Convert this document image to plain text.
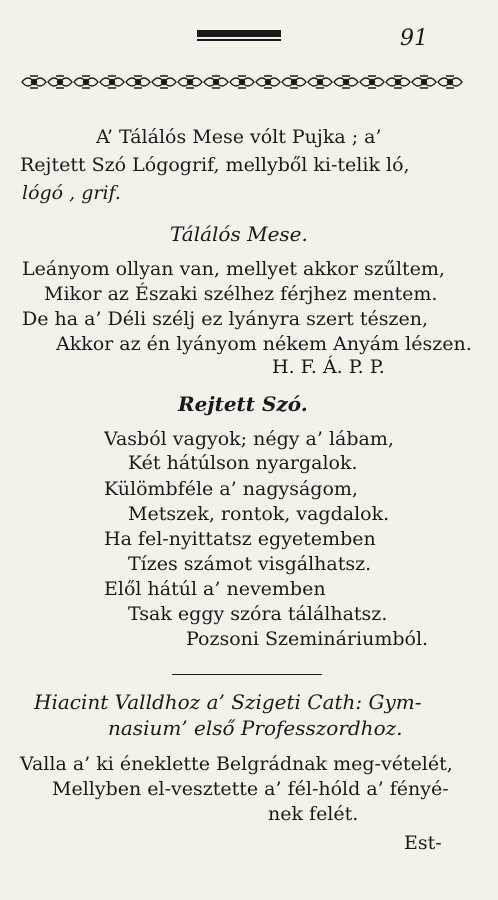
91
A’ Tálálós Mese vólt Pujka ; a’
Rejtett Szó Lógogrif, mellyből ki-telik ló,
lógó , grif.
Tálálós Mese.
Leányom ollyan van, mellyet akkor szűltem,
Mikor az Északi szélhez férjhez mentem.
De ha a’ Déli szélj ez lyányra szert tészen,
Akkor az én lyányom nékem Anyám lészen.
H. F. Á. P. P.
Rejtett Szó.
Vasból vagyok; négy a’ lábam,
Két hátúlson nyargalok.
Külömbféle a’ nagyságom,
Metszek, rontok, vagdalok.
Ha fel-nyittatsz egyetemben
Tízes számot visgálhatsz.
Elől hátúl a’ nevemben
Tsak eggy szóra tálálhatsz.
Pozsoni Szemináriumból.
Hiacint Valldhoz a’ Szigeti Cath: Gym-
nasium’ első Professzordhoz.
Valla a’ ki éneklette Belgrádnak meg-vételét,
Mellyben el-vesztette a’ fél-hóld a’ fényé-
nek felét.
Est-
